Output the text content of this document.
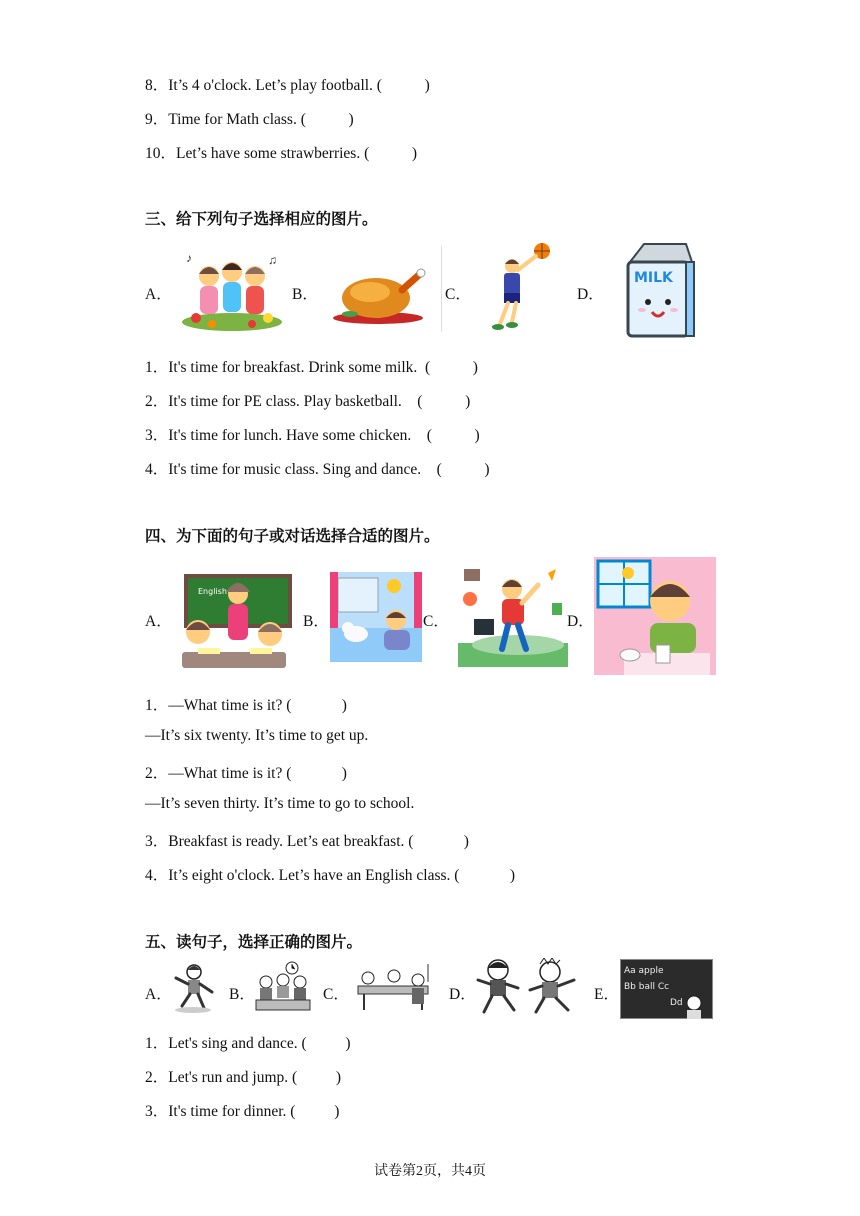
8．It’s 4 o'clock. Let’s play football. (           )
9．Time for Math class. (           )
10．Let’s have some strawberries. (           )
三、给下列句子选择相应的图片。
A．
♪	♫
B．	C．	D．
MILK
1．It's time for breakfast. Drink some milk.  (           )
2．It's time for PE class. Play basketball.    (           )
3．It's time for lunch. Have some chicken.    (           )
4．It's time for music class. Sing and dance.    (           )
四、为下面的句子或对话选择合适的图片。
A．
English
B．	C．	D．
1．—What time is it? (             )
—It’s six twenty. It’s time to get up.
2．—What time is it? (             )
—It’s seven thirty. It’s time to go to school.
3．Breakfast is ready. Let’s eat breakfast. (             )
4．It’s eight o'clock. Let’s have an English class. (             )
五、读句子，选择正确的图片。
A．	B．	C．	D．	E．
Aa apple
Bb ball Cc
Dd
1．Let's sing and dance. (          )
2．Let's run and jump. (          )
3．It's time for dinner. (          )
试卷第2页，共4页
